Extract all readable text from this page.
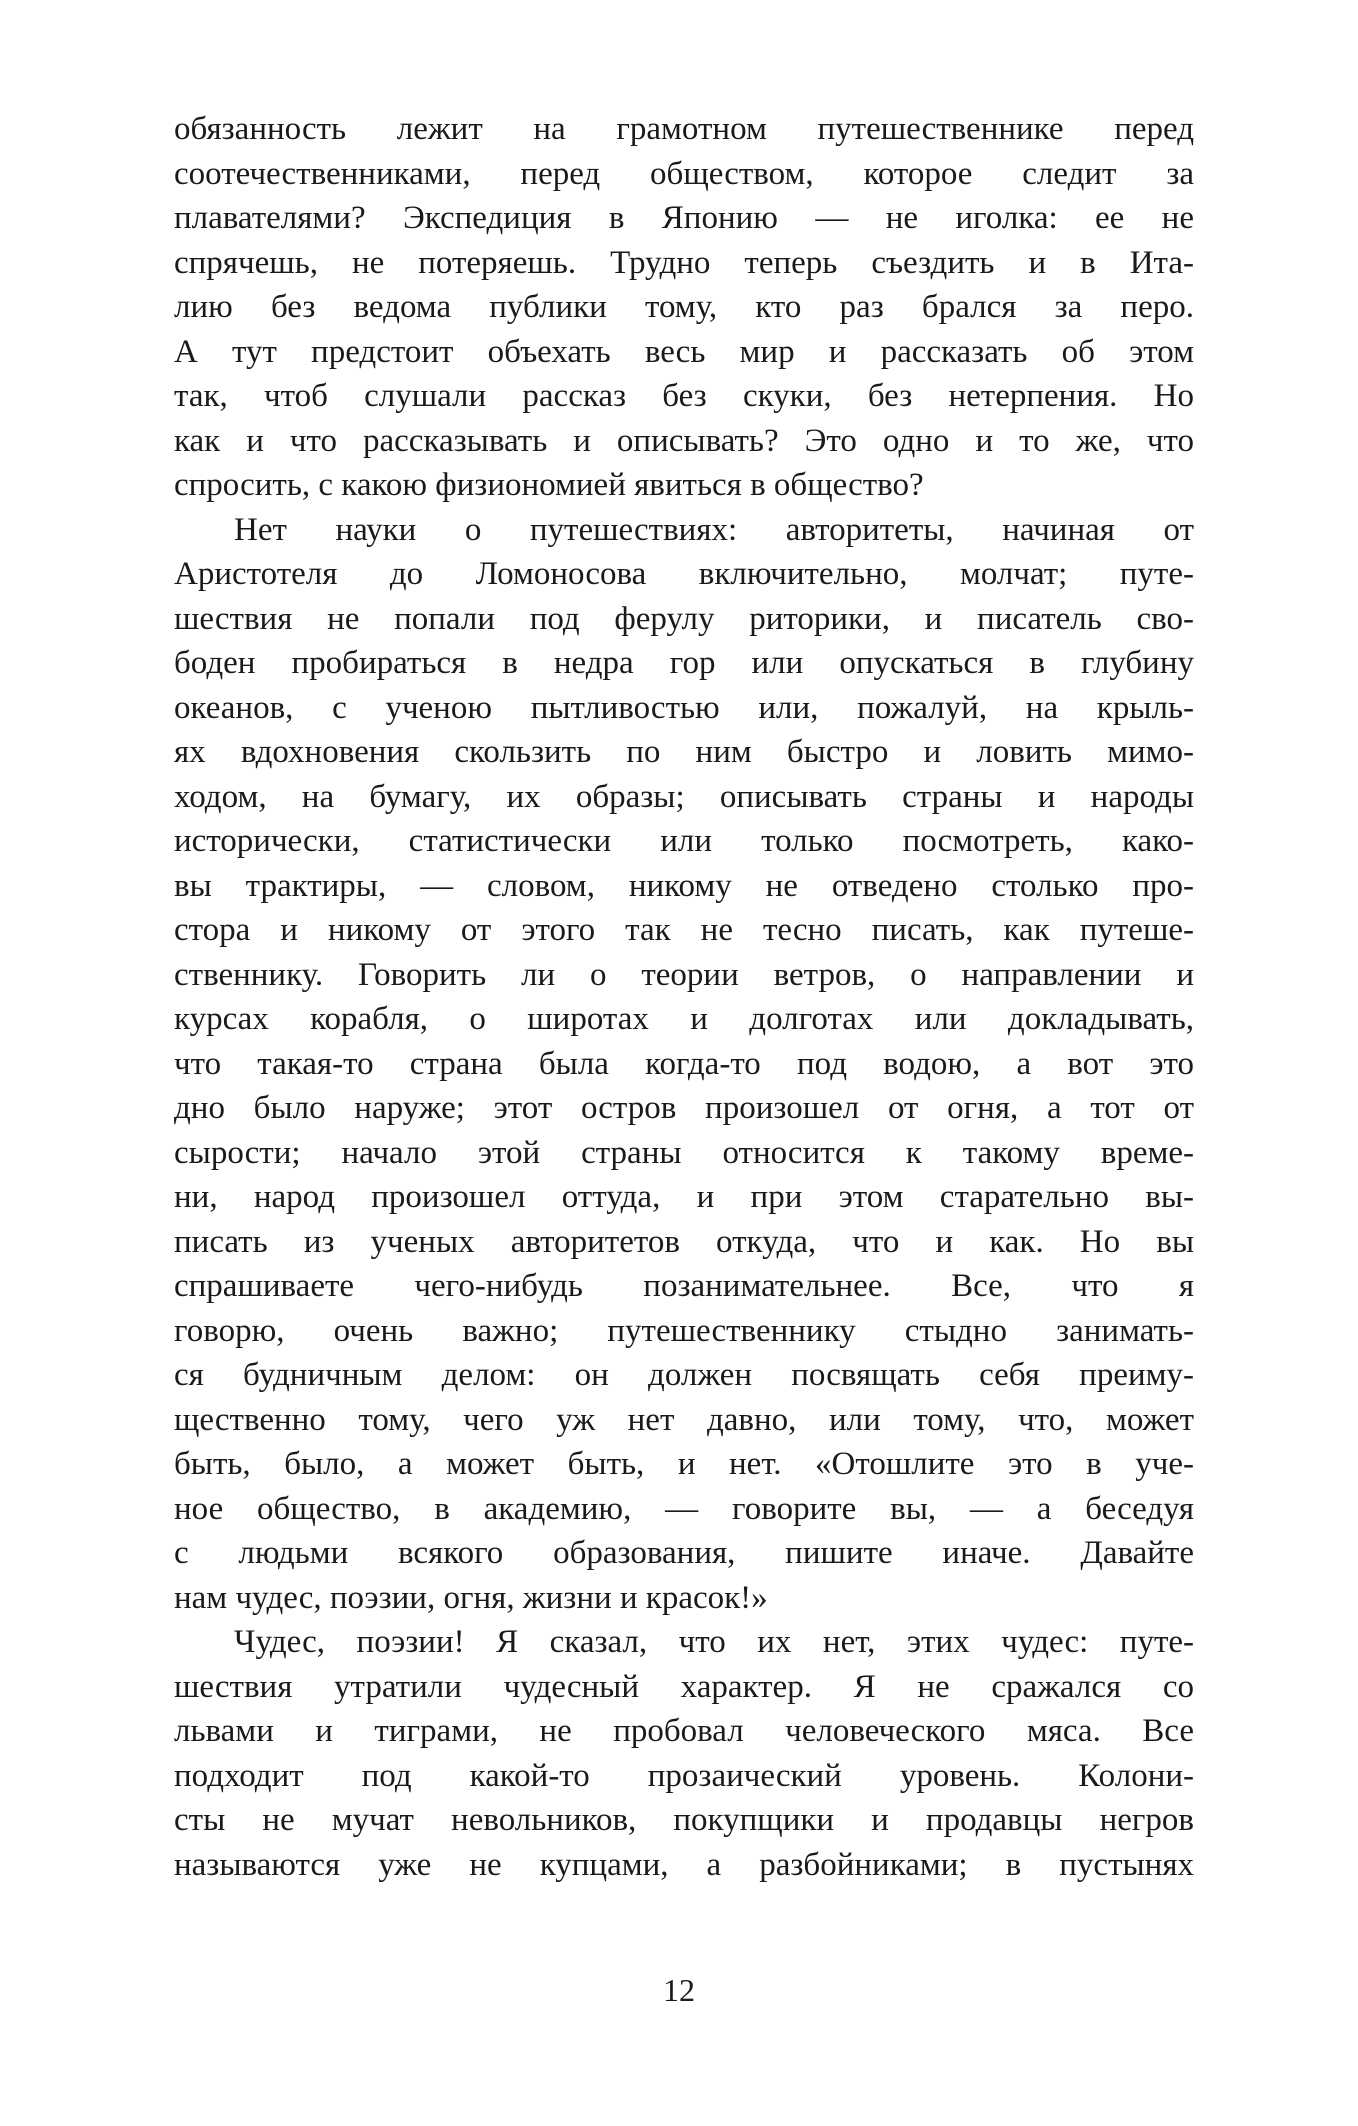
обязанность лежит на грамотном путешественнике перед
соотечественниками, перед обществом, которое следит за
плавателями? Экспедиция в Японию — не иголка: ее не
спрячешь, не потеряешь. Трудно теперь съездить и в Ита-
лию без ведома публики тому, кто раз брался за перо.
А тут предстоит объехать весь мир и рассказать об этом
так, чтоб слушали рассказ без скуки, без нетерпения. Но
как и что рассказывать и описывать? Это одно и то же, что
спросить, с какою физиономией явиться в общество?
Нет науки о путешествиях: авторитеты, начиная от
Аристотеля до Ломоносова включительно, молчат; путе-
шествия не попали под ферулу риторики, и писатель сво-
боден пробираться в недра гор или опускаться в глубину
океанов, с ученою пытливостью или, пожалуй, на крыль-
ях вдохновения скользить по ним быстро и ловить мимо-
ходом, на бумагу, их образы; описывать страны и народы
исторически, статистически или только посмотреть, како-
вы трактиры, — словом, никому не отведено столько про-
стора и никому от этого так не тесно писать, как путеше-
ственнику. Говорить ли о теории ветров, о направлении и
курсах корабля, о широтах и долготах или докладывать,
что такая-то страна была когда-то под водою, а вот это
дно было наруже; этот остров произошел от огня, а тот от
сырости; начало этой страны относится к такому време-
ни, народ произошел оттуда, и при этом старательно вы-
писать из ученых авторитетов откуда, что и как. Но вы
спрашиваете чего-нибудь позанимательнее. Все, что я
говорю, очень важно; путешественнику стыдно занимать-
ся будничным делом: он должен посвящать себя преиму-
щественно тому, чего уж нет давно, или тому, что, может
быть, было, а может быть, и нет. «Отошлите это в уче-
ное общество, в академию, — говорите вы, — а беседуя
с людьми всякого образования, пишите иначе. Давайте
нам чудес, поэзии, огня, жизни и красок!»
Чудес, поэзии! Я сказал, что их нет, этих чудес: путе-
шествия утратили чудесный характер. Я не сражался со
львами и тиграми, не пробовал человеческого мяса. Все
подходит под какой-то прозаический уровень. Колони-
сты не мучат невольников, покупщики и продавцы негров
называются уже не купцами, а разбойниками; в пустынях
12
